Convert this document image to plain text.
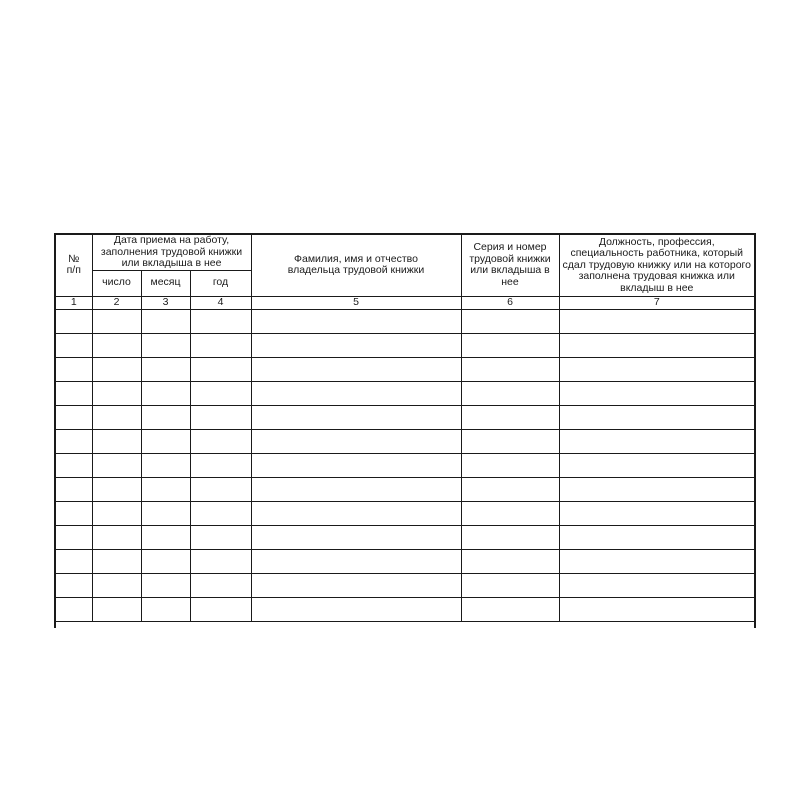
№
п/п	Дата приема на работу, заполнения трудовой книжки или вкладыша в нее			Фамилия, имя и отчество владельца трудовой книжки	Серия и номер трудовой книжки или вкладыша в нее	Должность, профессия, специальность работника, который сдал трудовую книжку или на которого заполнена трудовая книжка или вкладыш в нее

	число	месяц	год			
1	2	3	4	5	6	7
